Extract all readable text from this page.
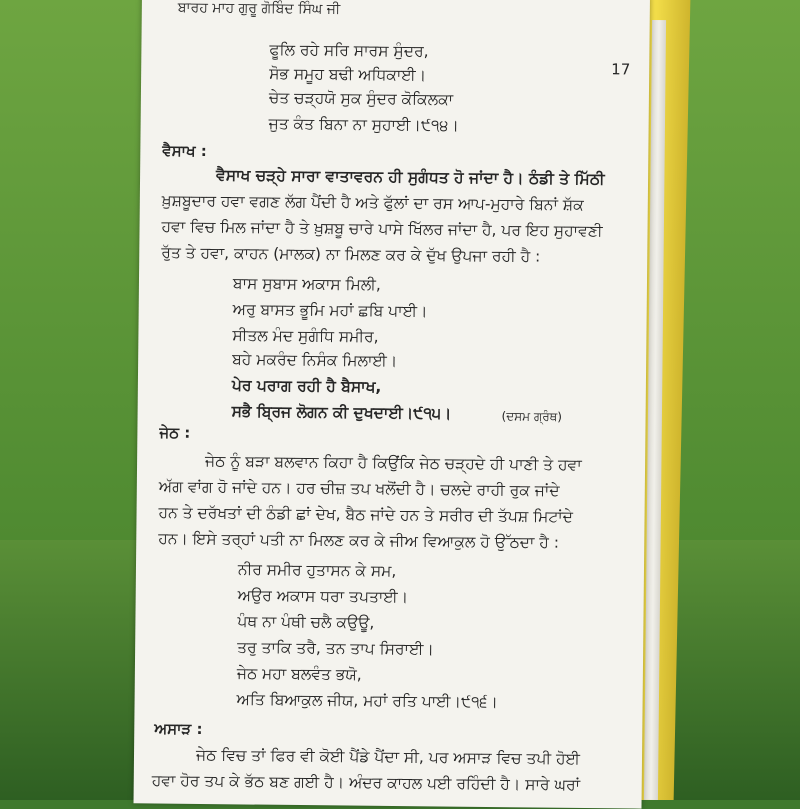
ਬਾਰਹ ਮਾਹ ਗੁਰੂ ਗੋਬਿੰਦ ਸਿੰਘ ਜੀ
17
ਫੂਲਿ ਰਹੇ ਸਰਿ ਸਾਰਸ ਸੁੰਦਰ,
ਸੋਭ ਸਮੂਹ ਬਢੀ ਅਧਿਕਾਈ।
ਚੇਤ ਚੜ੍ਹਯੋ ਸੁਕ ਸੁੰਦਰ ਕੋਕਿਲਕਾ
ਜੁਤ ਕੰਤ ਬਿਨਾ ਨਾ ਸੁਹਾਈ।੯੧੪।
ਵੈਸਾਖ :
ਵੈਸਾਖ ਚੜ੍ਹੇ ਸਾਰਾ ਵਾਤਾਵਰਨ ਹੀ ਸੁਗੰਧਤ ਹੋ ਜਾਂਦਾ ਹੈ। ਠੰਡੀ ਤੇ ਮਿੱਠੀ
ਖ਼ੁਸ਼ਬੂਦਾਰ ਹਵਾ ਵਗਣ ਲੱਗ ਪੈਂਦੀ ਹੈ ਅਤੇ ਫੁੱਲਾਂ ਦਾ ਰਸ ਆਪ-ਮੁਹਾਰੇ ਬਿਨਾਂ ਸ਼ੱਕ
ਹਵਾ ਵਿਚ ਮਿਲ ਜਾਂਦਾ ਹੈ ਤੇ ਖ਼ੁਸ਼ਬੂ ਚਾਰੇ ਪਾਸੇ ਖਿੱਲਰ ਜਾਂਦਾ ਹੈ, ਪਰ ਇਹ ਸੁਹਾਵਣੀ
ਰੁੱਤ ਤੇ ਹਵਾ, ਕਾਹਨ (ਮਾਲਕ) ਨਾ ਮਿਲਣ ਕਰ ਕੇ ਦੁੱਖ ਉਪਜਾ ਰਹੀ ਹੈ :
ਬਾਸ ਸੁਬਾਸ ਅਕਾਸ ਮਿਲੀ,
ਅਰੁ ਬਾਸਤ ਭੂਮਿ ਮਹਾਂ ਛਬਿ ਪਾਈ।
ਸੀਤਲ ਮੰਦ ਸੁਗੰਧਿ ਸਮੀਰ,
ਬਹੇ ਮਕਰੰਦ ਨਿਸੰਕ ਮਿਲਾਈ।
ਪੇਰ ਪਰਾਗ ਰਹੀ ਹੈ ਬੈਸਾਖ,
ਸਭੈ ਬ੍ਰਿਜ ਲੋਗਨ ਕੀ ਦੁਖਦਾਈ।੯੧੫।	(ਦਸਮ ਗ੍ਰੰਥ)
ਜੇਠ :
ਜੇਠ ਨੂੰ ਬੜਾ ਬਲਵਾਨ ਕਿਹਾ ਹੈ ਕਿਉਂਕਿ ਜੇਠ ਚੜ੍ਹਦੇ ਹੀ ਪਾਣੀ ਤੇ ਹਵਾ
ਅੱਗ ਵਾਂਗ ਹੋ ਜਾਂਦੇ ਹਨ। ਹਰ ਚੀਜ਼ ਤਪ ਖਲੋਂਦੀ ਹੈ। ਚਲਦੇ ਰਾਹੀ ਰੁਕ ਜਾਂਦੇ
ਹਨ ਤੇ ਦਰੱਖਤਾਂ ਦੀ ਠੰਡੀ ਛਾਂ ਦੇਖ, ਬੈਠ ਜਾਂਦੇ ਹਨ ਤੇ ਸਰੀਰ ਦੀ ਤੱਪਸ਼ ਮਿਟਾਂਦੇ
ਹਨ। ਇਸੇ ਤਰ੍ਹਾਂ ਪਤੀ ਨਾ ਮਿਲਣ ਕਰ ਕੇ ਜੀਅ ਵਿਆਕੁਲ ਹੋ ਉੱਠਦਾ ਹੈ :
ਨੀਰ ਸਮੀਰ ਹੁਤਾਸਨ ਕੇ ਸਮ,
ਅਉਰ ਅਕਾਸ ਧਰਾ ਤਪਤਾਈ।
ਪੰਥ ਨਾ ਪੰਥੀ ਚਲੈ ਕਉਊ,
ਤਰੁ ਤਾਕਿ ਤਰੈ, ਤਨ ਤਾਪ ਸਿਰਾਈ।
ਜੇਠ ਮਹਾ ਬਲਵੰਤ ਭਯੋ,
ਅਤਿ ਬਿਆਕੁਲ ਜੀਯ, ਮਹਾਂ ਰਤਿ ਪਾਈ।੯੧੬।
ਅਸਾੜ :
ਜੇਠ ਵਿਚ ਤਾਂ ਫਿਰ ਵੀ ਕੋਈ ਪੈਂਡੇ ਪੈਂਦਾ ਸੀ, ਪਰ ਅਸਾੜ ਵਿਚ ਤਪੀ ਹੋਈ
ਹਵਾ ਹੋਰ ਤਪ ਕੇ ਭੱਠ ਬਣ ਗਈ ਹੈ। ਅੰਦਰ ਕਾਹਲ ਪਈ ਰਹਿੰਦੀ ਹੈ। ਸਾਰੇ ਘਰਾਂ
